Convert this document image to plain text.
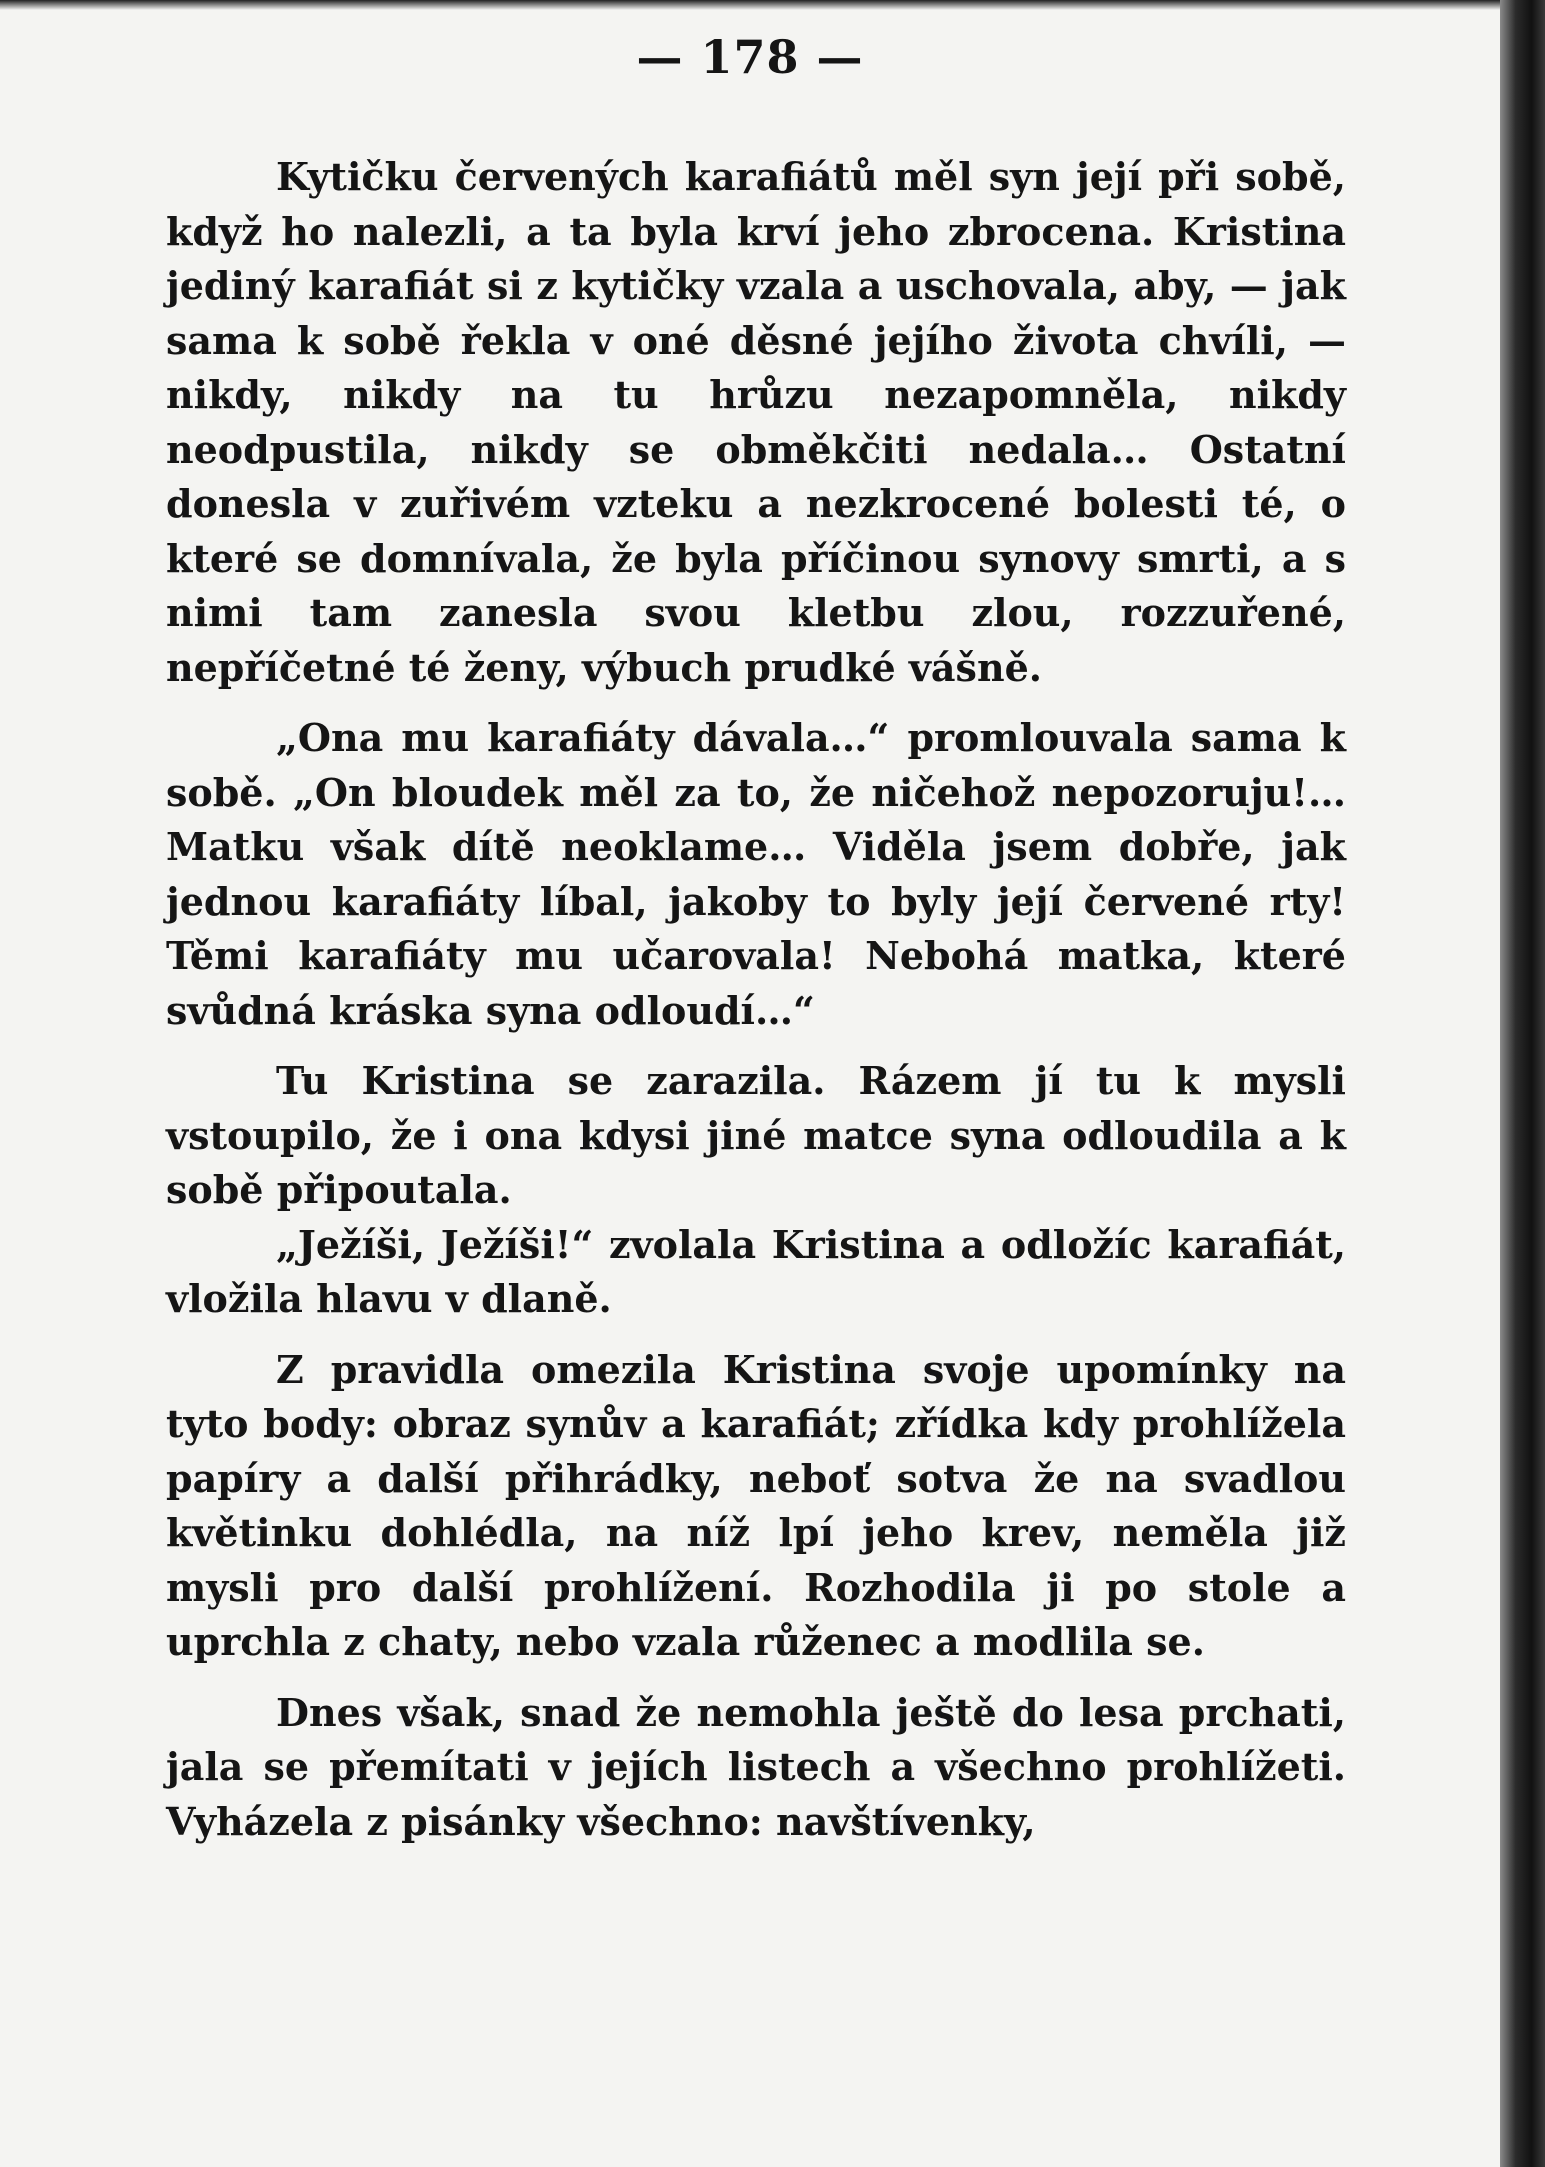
— 178 —

Kytičku červených karafiátů měl syn její při sobě, když ho nalezli, a ta byla krví jeho zbrocena. Kristina jediný karafiát si z kytičky vzala a uschovala, aby, — jak sama k sobě řekla v oné děsné jejího života chvíli, — nikdy, nikdy na tu hrůzu nezapomněla, nikdy neodpustila, nikdy se obměkčiti nedala… Ostatní donesla v zuřivém vzteku a nezkrocené bolesti té, o které se domnívala, že byla příčinou synovy smrti, a s nimi tam zanesla svou kletbu zlou, rozzuřené, nepříčetné té ženy, výbuch prudké vášně.

„Ona mu karafiáty dávala…“ promlouvala sama k sobě. „On bloudek měl za to, že ničehož nepozoruju!… Matku však dítě neoklame… Viděla jsem dobře, jak jednou karafiáty líbal, jakoby to byly její červené rty! Těmi karafiáty mu učarovala! Nebohá matka, které svůdná kráska syna odloudí…“

Tu Kristina se zarazila. Rázem jí tu k mysli vstoupilo, že i ona kdysi jiné matce syna odloudila a k sobě připoutala.

„Ježíši, Ježíši!“ zvolala Kristina a odložíc karafiát, vložila hlavu v dlaně.

Z pravidla omezila Kristina svoje upomínky na tyto body: obraz synův a karafiát; zřídka kdy prohlížela papíry a další přihrádky, neboť sotva že na svadlou květinku dohlédla, na níž lpí jeho krev, neměla již mysli pro další prohlížení. Rozhodila ji po stole a uprchla z chaty, nebo vzala růženec a modlila se.

Dnes však, snad že nemohla ještě do lesa prchati, jala se přemítati v jejích listech a všechno prohlížeti. Vyházela z pisánky všechno: navštívenky,
